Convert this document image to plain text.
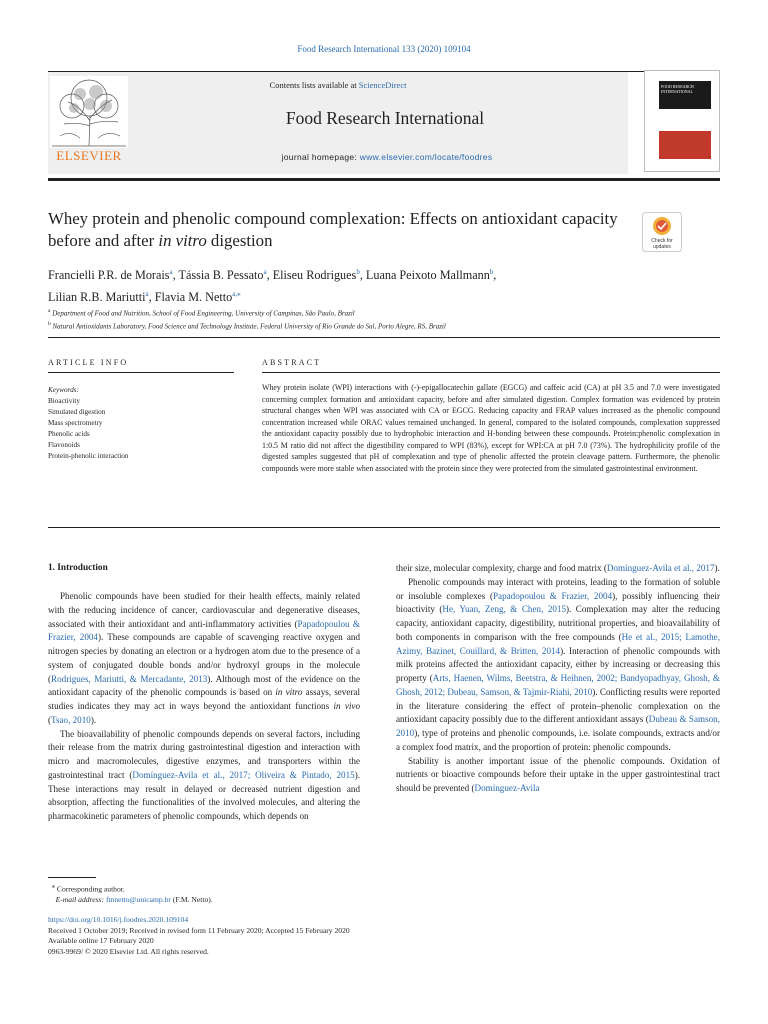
Food Research International 133 (2020) 109104
ELSEVIER
Contents lists available at ScienceDirect
Food Research International
journal homepage: www.elsevier.com/locate/foodres
FOOD RESEARCH INTERNATIONAL
Whey protein and phenolic compound complexation: Effects on antioxidant capacity before and after in vitro digestion	Check for
updates
Francielli P.R. de Morais$^a$, Tássia B. Pessato$^a$, Eliseu Rodrigues$^b$, Luana Peixoto Mallmann$^b$,
Lilian R.B. Mariutti$^a$, Flavia M. Netto$^{a,⁎}$
$^a$ Department of Food and Nutrition, School of Food Engineering, University of Campinas, São Paulo, Brazil
$^b$ Natural Antioxidants Laboratory, Food Science and Technology Institute, Federal University of Rio Grande do Sul, Porto Alegre, RS, Brazil
ARTICLE INFO	ABSTRACT
Keywords:
Bioactivity
Simulated digestion
Mass spectrometry
Phenolic acids
Flavonoids
Protein-phenolic interaction
Whey protein isolate (WPI) interactions with (-)-epigallocatechin gallate (EGCG) and caffeic acid (CA) at pH 3.5 and 7.0 were investigated concerning complex formation and antioxidant capacity, before and after simulated digestion. Complex formation was evidenced by protein structural changes when WPI was associated with CA or EGCG. Reducing capacity and FRAP values increased as the phenolic compound concentration increased while ORAC values remained unchanged. In general, compared to the isolated compounds, complexation suppressed the antioxidant capacity possibly due to hydrophobic interaction and H-bonding between these compounds. Protein:phenolic complexation in 1:0.5 M ratio did not affect the digestibility compared to WPI (83%), except for WPI:CA at pH 7.0 (73%). The hydrophilicity profile of the digested samples suggested that pH of complexation and type of phenolic affected the protein cleavage pattern. Furthermore, the phenolic compounds were more stable when associated with the protein since they were protected from the simulated gastrointestinal environment.
1. Introduction

Phenolic compounds have been studied for their health effects, mainly related with the reducing incidence of cancer, cardiovascular and degenerative diseases, associated with their antioxidant and anti-inflammatory activities (Papadopoulou & Frazier, 2004). These compounds are capable of scavenging reactive oxygen and nitrogen species by donating an electron or a hydrogen atom due to the presence of a system of conjugated double bonds and/or hydroxyl groups in the molecule (Rodrigues, Mariutti, & Mercadante, 2013). Although most of the evidence on the antioxidant capacity of the phenolic compounds is based on in vitro assays, several studies indicates they may act in ways beyond the antioxidant functions in vivo (Tsao, 2010).

The bioavailability of phenolic compounds depends on several factors, including their release from the matrix during gastrointestinal digestion and interaction with micro and macromolecules, digestive enzymes, and transporters within the gastrointestinal tract (Domínguez-Avila et al., 2017; Oliveira & Pintado, 2015). These interactions may result in delayed or decreased nutrient digestion and absorption, affecting the functionalities of the involved molecules, and altering the pharmacokinetic parameters of phenolic compounds, which depends on

their size, molecular complexity, charge and food matrix (Domínguez-Avila et al., 2017).

Phenolic compounds may interact with proteins, leading to the formation of soluble or insoluble complexes (Papadopoulou & Frazier, 2004), possibly influencing their bioactivity (He, Yuan, Zeng, & Chen, 2015). Complexation may alter the reducing capacity, antioxidant capacity, digestibility, nutritional properties, and bioavailability of both components in comparison with the free compounds (He et al., 2015; Lamothe, Azimy, Bazinet, Couillard, & Britten, 2014). Interaction of phenolic compounds with milk proteins affected the antioxidant capacity, either by increasing or decreasing this property (Arts, Haenen, Wilms, Beetstra, & Heihnen, 2002; Bandyopadhyay, Ghosh, & Ghosh, 2012; Dubeau, Samson, & Tajmir-Riahi, 2010). Conflicting results were reported in the literature considering the effect of protein–phenolic complexation on the antioxidant capacity possibly due to the different antioxidant assays (Dubeau & Samson, 2010), type of proteins and phenolic compounds, i.e. isolate compounds, extracts and/or a complex food matrix, and the proportion of protein: phenolic compounds.

Stability is another important issue of the phenolic compounds. Oxidation of nutrients or bioactive compounds before their uptake in the upper gastrointestinal tract should be prevented (Domínguez-Avila

⁎ Corresponding author.
E-mail address: fmnetto@unicamp.br (F.M. Netto).
https://doi.org/10.1016/j.foodres.2020.109104
Received 1 October 2019; Received in revised form 11 February 2020; Accepted 15 February 2020
Available online 17 February 2020
0963-9969/ © 2020 Elsevier Ltd. All rights reserved.
